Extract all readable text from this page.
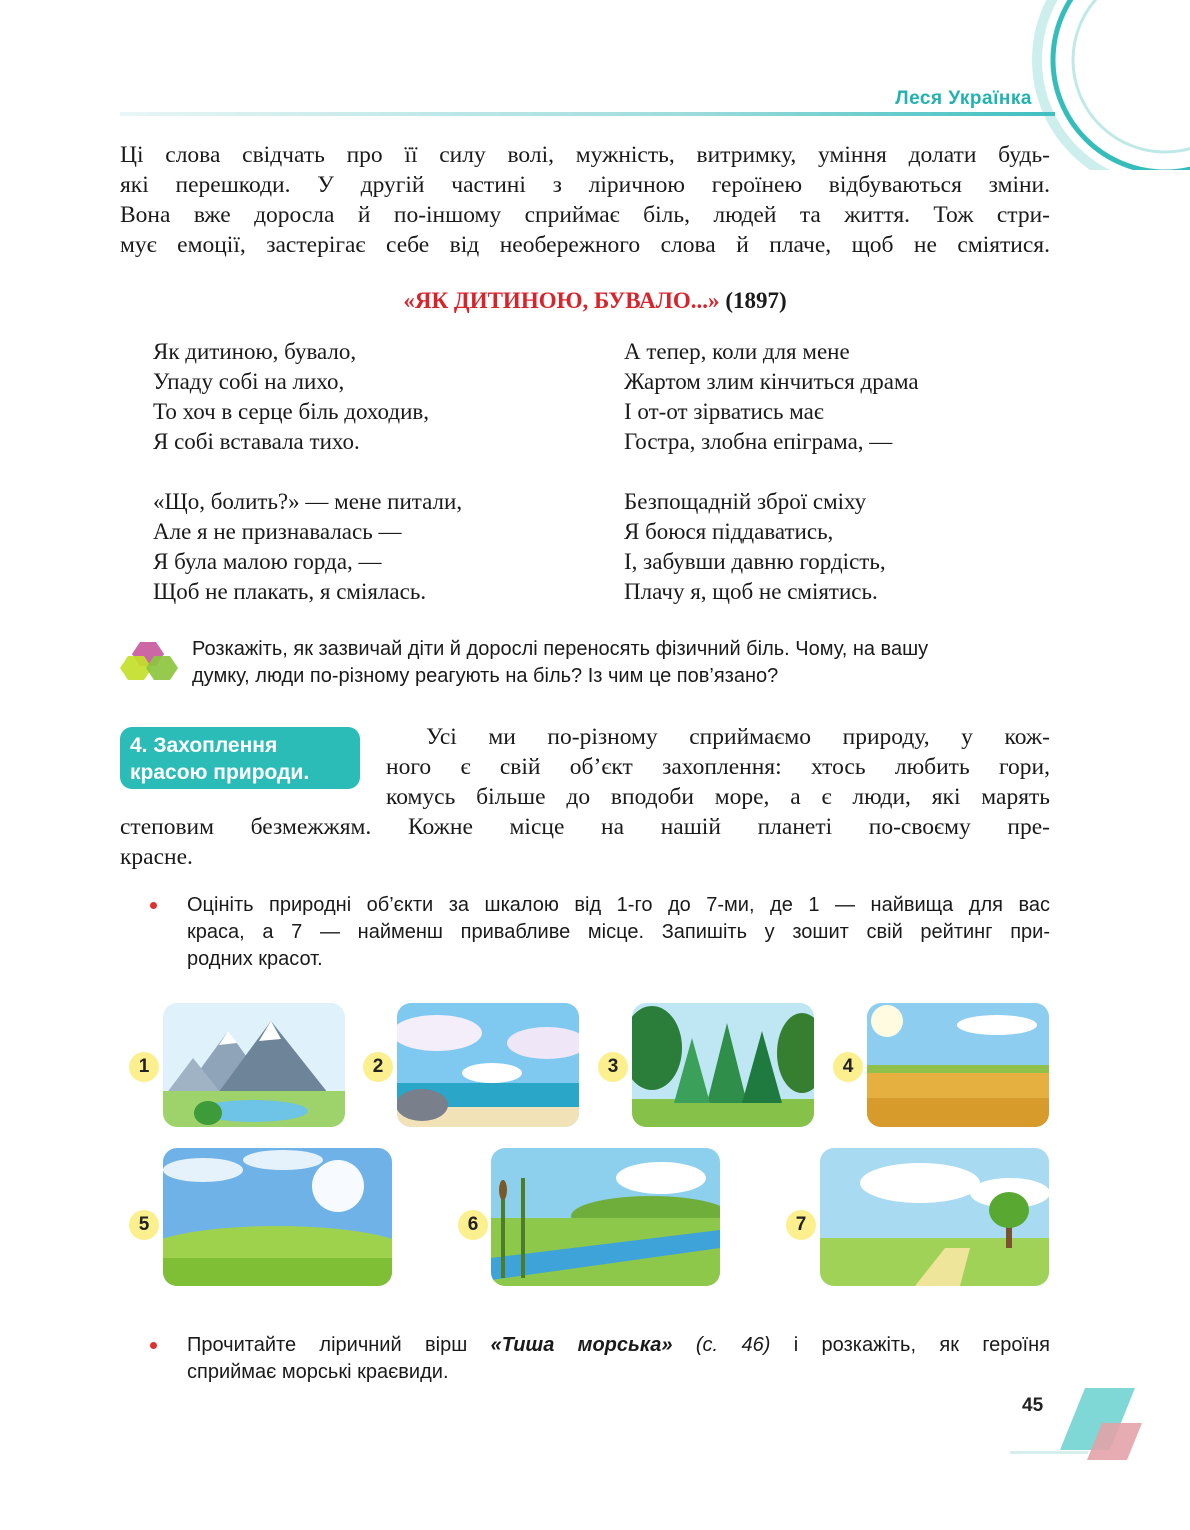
Леся Українка
Ці слова свідчать про її силу волі, мужність, витримку, уміння долати будь-
які перешкоди. У другій частині з ліричною героїнею відбуваються зміни.
Вона вже доросла й по-іншому сприймає біль, людей та життя. Тож стри-
мує емоції, застерігає себе від необережного слова й плаче, щоб не сміятися.
«ЯК ДИТИНОЮ, БУВАЛО...» (1897)
Як дитиною, бувало,
Упаду собі на лихо,
То хоч в серце біль доходив,
Я собі вставала тихо.
«Що, болить?» — мене питали,
Але я не признавалась —
Я була малою горда, —
Щоб не плакать, я сміялась.
А тепер, коли для мене
Жартом злим кінчиться драма
І от-от зірватись має
Гостра, злобна епіграма, —
Безпощадній зброї сміху
Я боюся піддаватись,
І, забувши давню гордість,
Плачу я, щоб не сміятись.
Розкажіть, як зазвичай діти й дорослі переносять фізичний біль. Чому, на вашу
думку, люди по-різному реагують на біль? Із чим це пов’язано?
4. Захоплення
красою природи.
Усі ми по-різному сприймаємо природу, у кож-
ного є свій об’єкт захоплення: хтось любить гори,
комусь більше до вподоби море, а є люди, які марять
степовим безмежжям. Кожне місце на нашій планеті по-своєму пре-
красне.
Оцініть природні об’єкти за шкалою від 1-го до 7-ми, де 1 — найвища для вас
краса, а 7 — найменш привабливе місце. Запишіть у зошит свій рейтинг при-
родних красот.
1	2	3	4
5	6	7
Прочитайте ліричний вірш «Тиша морська» (с. 46) і розкажіть, як героїня
сприймає морські краєвиди.
45
